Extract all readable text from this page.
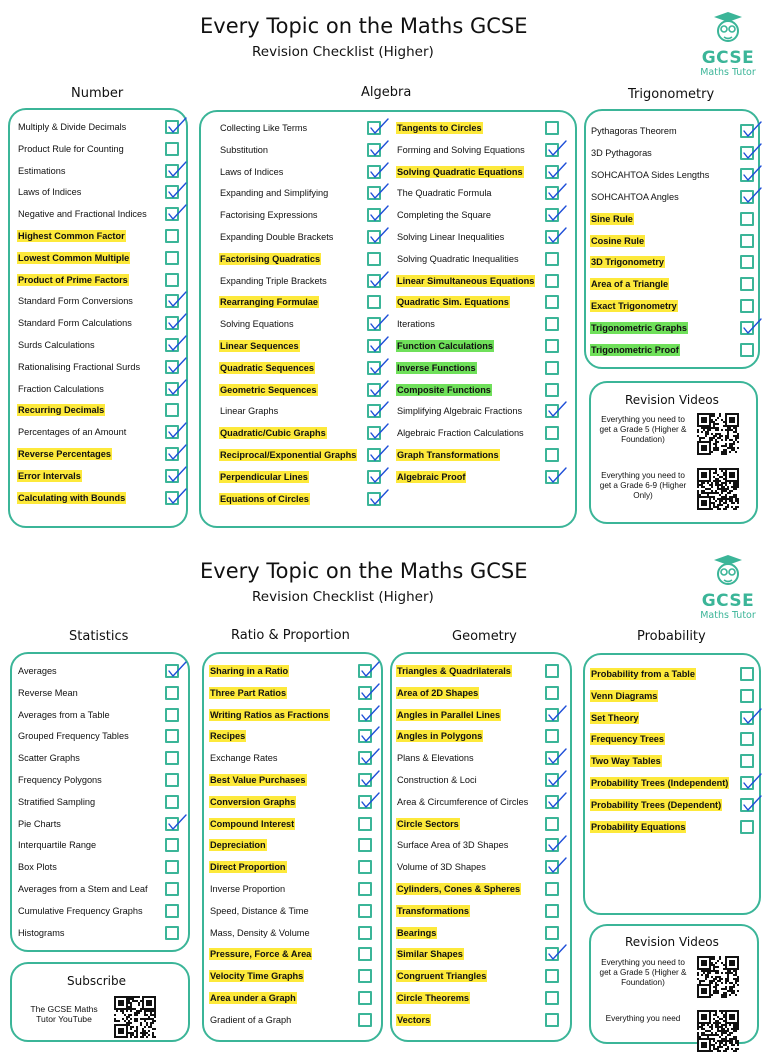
Every Topic on the Maths GCSE
Revision Checklist (Higher)	GCSE
Maths Tutor
Number	Algebra	Trigonometry
Multiply & Divide Decimals
Product Rule for Counting
Estimations
Laws of Indices
Negative and Fractional Indices
Highest Common Factor
Lowest Common Multiple
Product of Prime Factors
Standard Form Conversions
Standard Form Calculations
Surds Calculations
Rationalising Fractional Surds
Fraction Calculations
Recurring Decimals
Percentages of an Amount
Reverse Percentages
Error Intervals
Calculating with Bounds
Collecting Like Terms
Substitution
Laws of Indices
Expanding and Simplifying
Factorising Expressions
Expanding Double Brackets
Factorising Quadratics
Expanding Triple Brackets
Rearranging Formulae
Solving Equations
Linear Sequences
Quadratic Sequences
Geometric Sequences
Linear Graphs
Quadratic/Cubic Graphs
Reciprocal/Exponential Graphs
Perpendicular Lines
Equations of Circles
Tangents to Circles
Forming and Solving Equations
Solving Quadratic Equations
The Quadratic Formula
Completing the Square
Solving Linear Inequalities
Solving Quadratic Inequalities
Linear Simultaneous Equations
Quadratic Sim. Equations
Iterations
Function Calculations
Inverse Functions
Composite Functions
Simplifying Algebraic Fractions
Algebraic Fraction Calculations
Graph Transformations
Algebraic Proof
Pythagoras Theorem
3D Pythagoras
SOHCAHTOA Sides Lengths
SOHCAHTOA Angles
Sine Rule
Cosine Rule
3D Trigonometry
Area of a Triangle
Exact Trigonometry
Trigonometric Graphs
Trigonometric Proof
Revision Videos
Everything you need to get a Grade 5 (Higher & Foundation)
Everything you need to get a Grade 6-9 (Higher Only)
Every Topic on the Maths GCSE
Revision Checklist (Higher)	GCSE
Maths Tutor
Statistics	Ratio & Proportion	Geometry	Probability
Averages
Reverse Mean
Averages from a Table
Grouped Frequency Tables
Scatter Graphs
Frequency Polygons
Stratified Sampling
Pie Charts
Interquartile Range
Box Plots
Averages from a Stem and Leaf
Cumulative Frequency Graphs
Histograms
Sharing in a Ratio
Three Part Ratios
Writing Ratios as Fractions
Recipes
Exchange Rates
Best Value Purchases
Conversion Graphs
Compound Interest
Depreciation
Direct Proportion
Inverse Proportion
Speed, Distance & Time
Mass, Density & Volume
Pressure, Force & Area
Velocity Time Graphs
Area under a Graph
Gradient of a Graph
Triangles & Quadrilaterals
Area of 2D Shapes
Angles in Parallel Lines
Angles in Polygons
Plans & Elevations
Construction & Loci
Area & Circumference of Circles
Circle Sectors
Surface Area of 3D Shapes
Volume of 3D Shapes
Cylinders, Cones & Spheres
Transformations
Bearings
Similar Shapes
Congruent Triangles
Circle Theorems
Vectors
Probability from a Table
Venn Diagrams
Set Theory
Frequency Trees
Two Way Tables
Probability Trees (Independent)
Probability Trees (Dependent)
Probability Equations
Subscribe
The GCSE Maths Tutor YouTube
Revision Videos
Everything you need to get a Grade 5 (Higher & Foundation)
Everything you need
